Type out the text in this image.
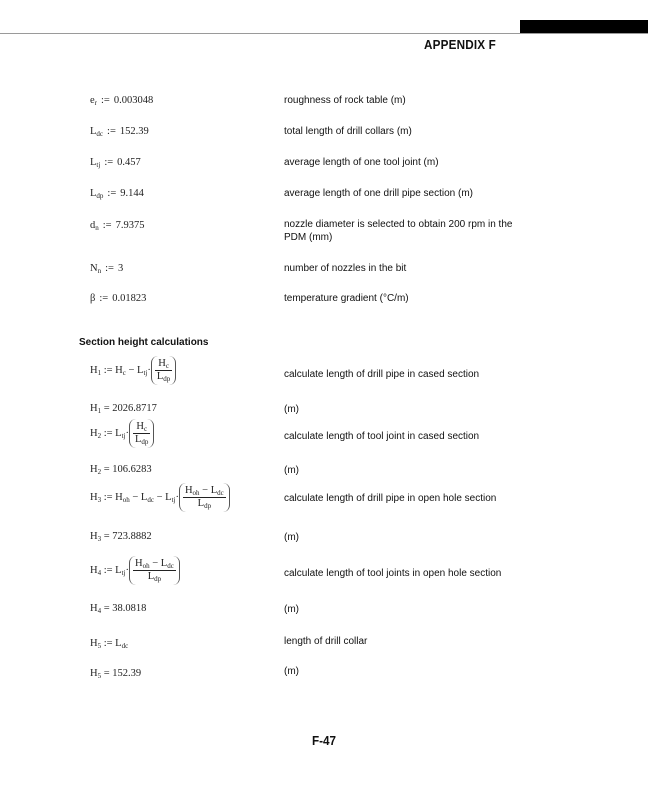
APPENDIX F
$e_r$ := 0.003048	roughness of rock table (m)
$L_{dc}$ := 152.39	total length of drill collars (m)
$L_{tj}$ := 0.457	average length of one tool joint (m)
$L_{dp}$ := 9.144	average length of one drill pipe section (m)
$d_n$ := 7.9375	nozzle diameter is selected to obtain 200 rpm in the PDM (mm)
$N_n$ := 3	number of nozzles in the bit
β := 0.01823	temperature gradient (°C/m)
Section height calculations
$H_1$ := $H_c - L_{tj}\cdot \frac{H_c}{L_{dp}}$	calculate length of drill pipe in cased section
$H_1 = 2026.8717$	(m)
$H_2$ := $L_{tj}\cdot \frac{H_c}{L_{dp}}$	calculate length of tool joint in cased section
$H_2 = 106.6283$	(m)
$H_3$ := $H_{oh} - L_{dc} - L_{tj}\cdot \frac{H_{oh} - L_{dc}}{L_{dp}}$	calculate length of drill pipe in open hole section
$H_3 = 723.8882$	(m)
$H_4$ := $L_{tj}\cdot \frac{H_{oh} - L_{dc}}{L_{dp}}$	calculate length of tool joints in open hole section
$H_4 = 38.0818$	(m)
$H_5$ := $L_{dc}$	length of drill collar
$H_5 = 152.39$	(m)
F-47
